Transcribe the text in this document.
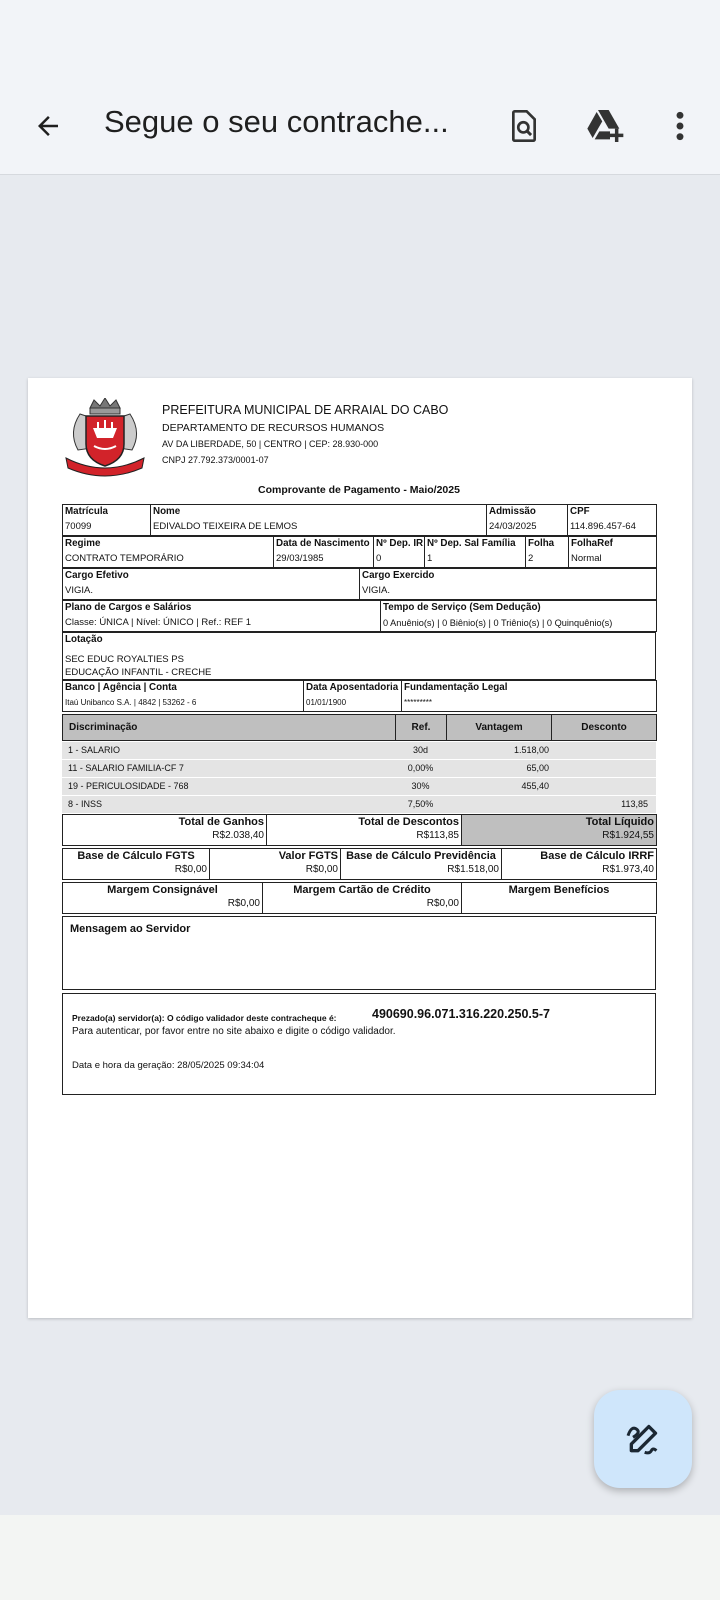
Segue o seu contrache...
PREFEITURA MUNICIPAL DE ARRAIAL DO CABO
DEPARTAMENTO DE RECURSOS HUMANOS
AV DA LIBERDADE, 50 | CENTRO | CEP: 28.930-000
CNPJ 27.792.373/0001-07
Comprovante de Pagamento - Maio/2025
Matrícula
70099

Nome
EDIVALDO TEIXEIRA DE LEMOS

Admissão
24/03/2025

CPF
114.896.457-64
Regime
CONTRATO TEMPORÁRIO

Data de Nascimento
29/03/1985

Nº Dep. IR
0

Nº Dep. Sal Família
1

Folha
2

FolhaRef
Normal
Cargo Efetivo
VIGIA.

Cargo Exercido
VIGIA.
Plano de Cargos e Salários
Classe: ÚNICA | Nível: ÚNICO | Ref.: REF 1

Tempo de Serviço (Sem Dedução)
0 Anuênio(s) | 0 Biênio(s) | 0 Triênio(s) | 0 Quinquênio(s)
Lotação
SEC EDUC ROYALTIES PS
EDUCAÇÃO INFANTIL - CRECHE
Banco | Agência | Conta
Itaú Unibanco S.A. | 4842 | 53262 - 6

Data Aposentadoria
01/01/1900

Fundamentação Legal
*********
Discriminação	Ref.	Vantagem	Desconto
1 - SALARIO	30d	1.518,00	
11 - SALARIO FAMILIA-CF 7	0,00%	65,00	
19 - PERICULOSIDADE - 768	30%	455,40	
8 - INSS	7,50%		113,85
Total de Ganhos
R$2.038,40

Total de Descontos
R$113,85

Total Líquido
R$1.924,55
Base de Cálculo FGTS
R$0,00

Valor FGTS
R$0,00

Base de Cálculo Previdência
R$1.518,00

Base de Cálculo IRRF
R$1.973,40
Margem Consignável
R$0,00

Margem Cartão de Crédito
R$0,00

Margem Benefícios
Mensagem ao Servidor
Prezado(a) servidor(a): O código validador deste contracheque é:	490690.96.071.316.220.250.5-7
Para autenticar, por favor entre no site abaixo e digite o código validador.
Data e hora da geração: 28/05/2025 09:34:04
